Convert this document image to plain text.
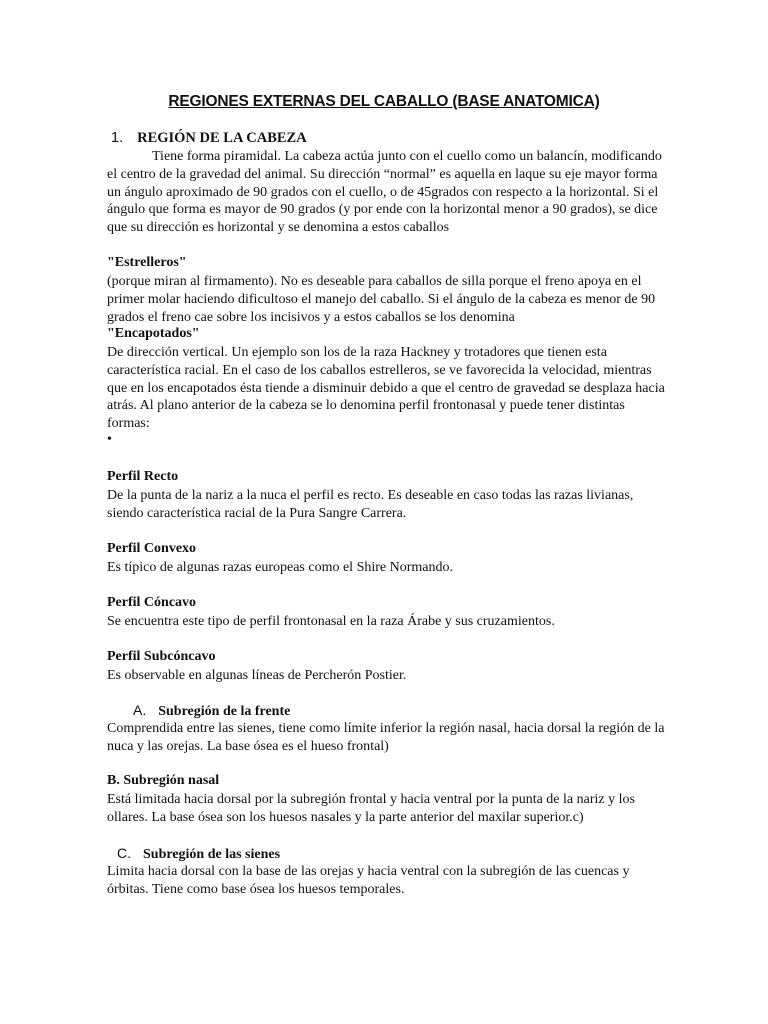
REGIONES EXTERNAS DEL CABALLO (BASE ANATOMICA)
1. REGIÓN DE LA CABEZA
Tiene forma piramidal. La cabeza actúa junto con el cuello como un balancín, modificando el centro de la gravedad del animal. Su dirección “normal” es aquella en laque su eje mayor forma un ángulo aproximado de 90 grados con el cuello, o de 45grados con respecto a la horizontal. Si el ángulo que forma es mayor de 90 grados (y por ende con la horizontal menor a 90 grados), se dice que su dirección es horizontal y se denomina a estos caballos
"Estrelleros"
(porque miran al firmamento). No es deseable para caballos de silla porque el freno apoya en el primer molar haciendo dificultoso el manejo del caballo. Si el ángulo de la cabeza es menor de 90 grados el freno cae sobre los incisivos y a estos caballos se los denomina
"Encapotados"
De dirección vertical. Un ejemplo son los de la raza Hackney y trotadores que tienen esta característica racial. En el caso de los caballos estrelleros, se ve favorecida la velocidad, mientras que en los encapotados ésta tiende a disminuir debido a que el centro de gravedad se desplaza hacia atrás. Al plano anterior de la cabeza se lo denomina perfil frontonasal y puede tener distintas formas:
•
Perfil Recto
De la punta de la nariz a la nuca el perfil es recto. Es deseable en caso todas las razas livianas, siendo característica racial de la Pura Sangre Carrera.
Perfil Convexo
Es típico de algunas razas europeas como el Shire Normando.
Perfil Cóncavo
Se encuentra este tipo de perfil frontonasal en la raza Árabe y sus cruzamientos.
Perfil Subcóncavo
Es observable en algunas líneas de Percherón Postier.
A. Subregión de la frente
Comprendida entre las sienes, tiene como límite inferior la región nasal, hacia dorsal la región de la nuca y las orejas. La base ósea es el hueso frontal)
B. Subregión nasal
Está limitada hacia dorsal por la subregión frontal y hacia ventral por la punta de la nariz y los ollares. La base ósea son los huesos nasales y la parte anterior del maxilar superior.c)
C. Subregión de las sienes
Limita hacia dorsal con la base de las orejas y hacia ventral con la subregión de las cuencas y órbitas. Tiene como base ósea los huesos temporales.
